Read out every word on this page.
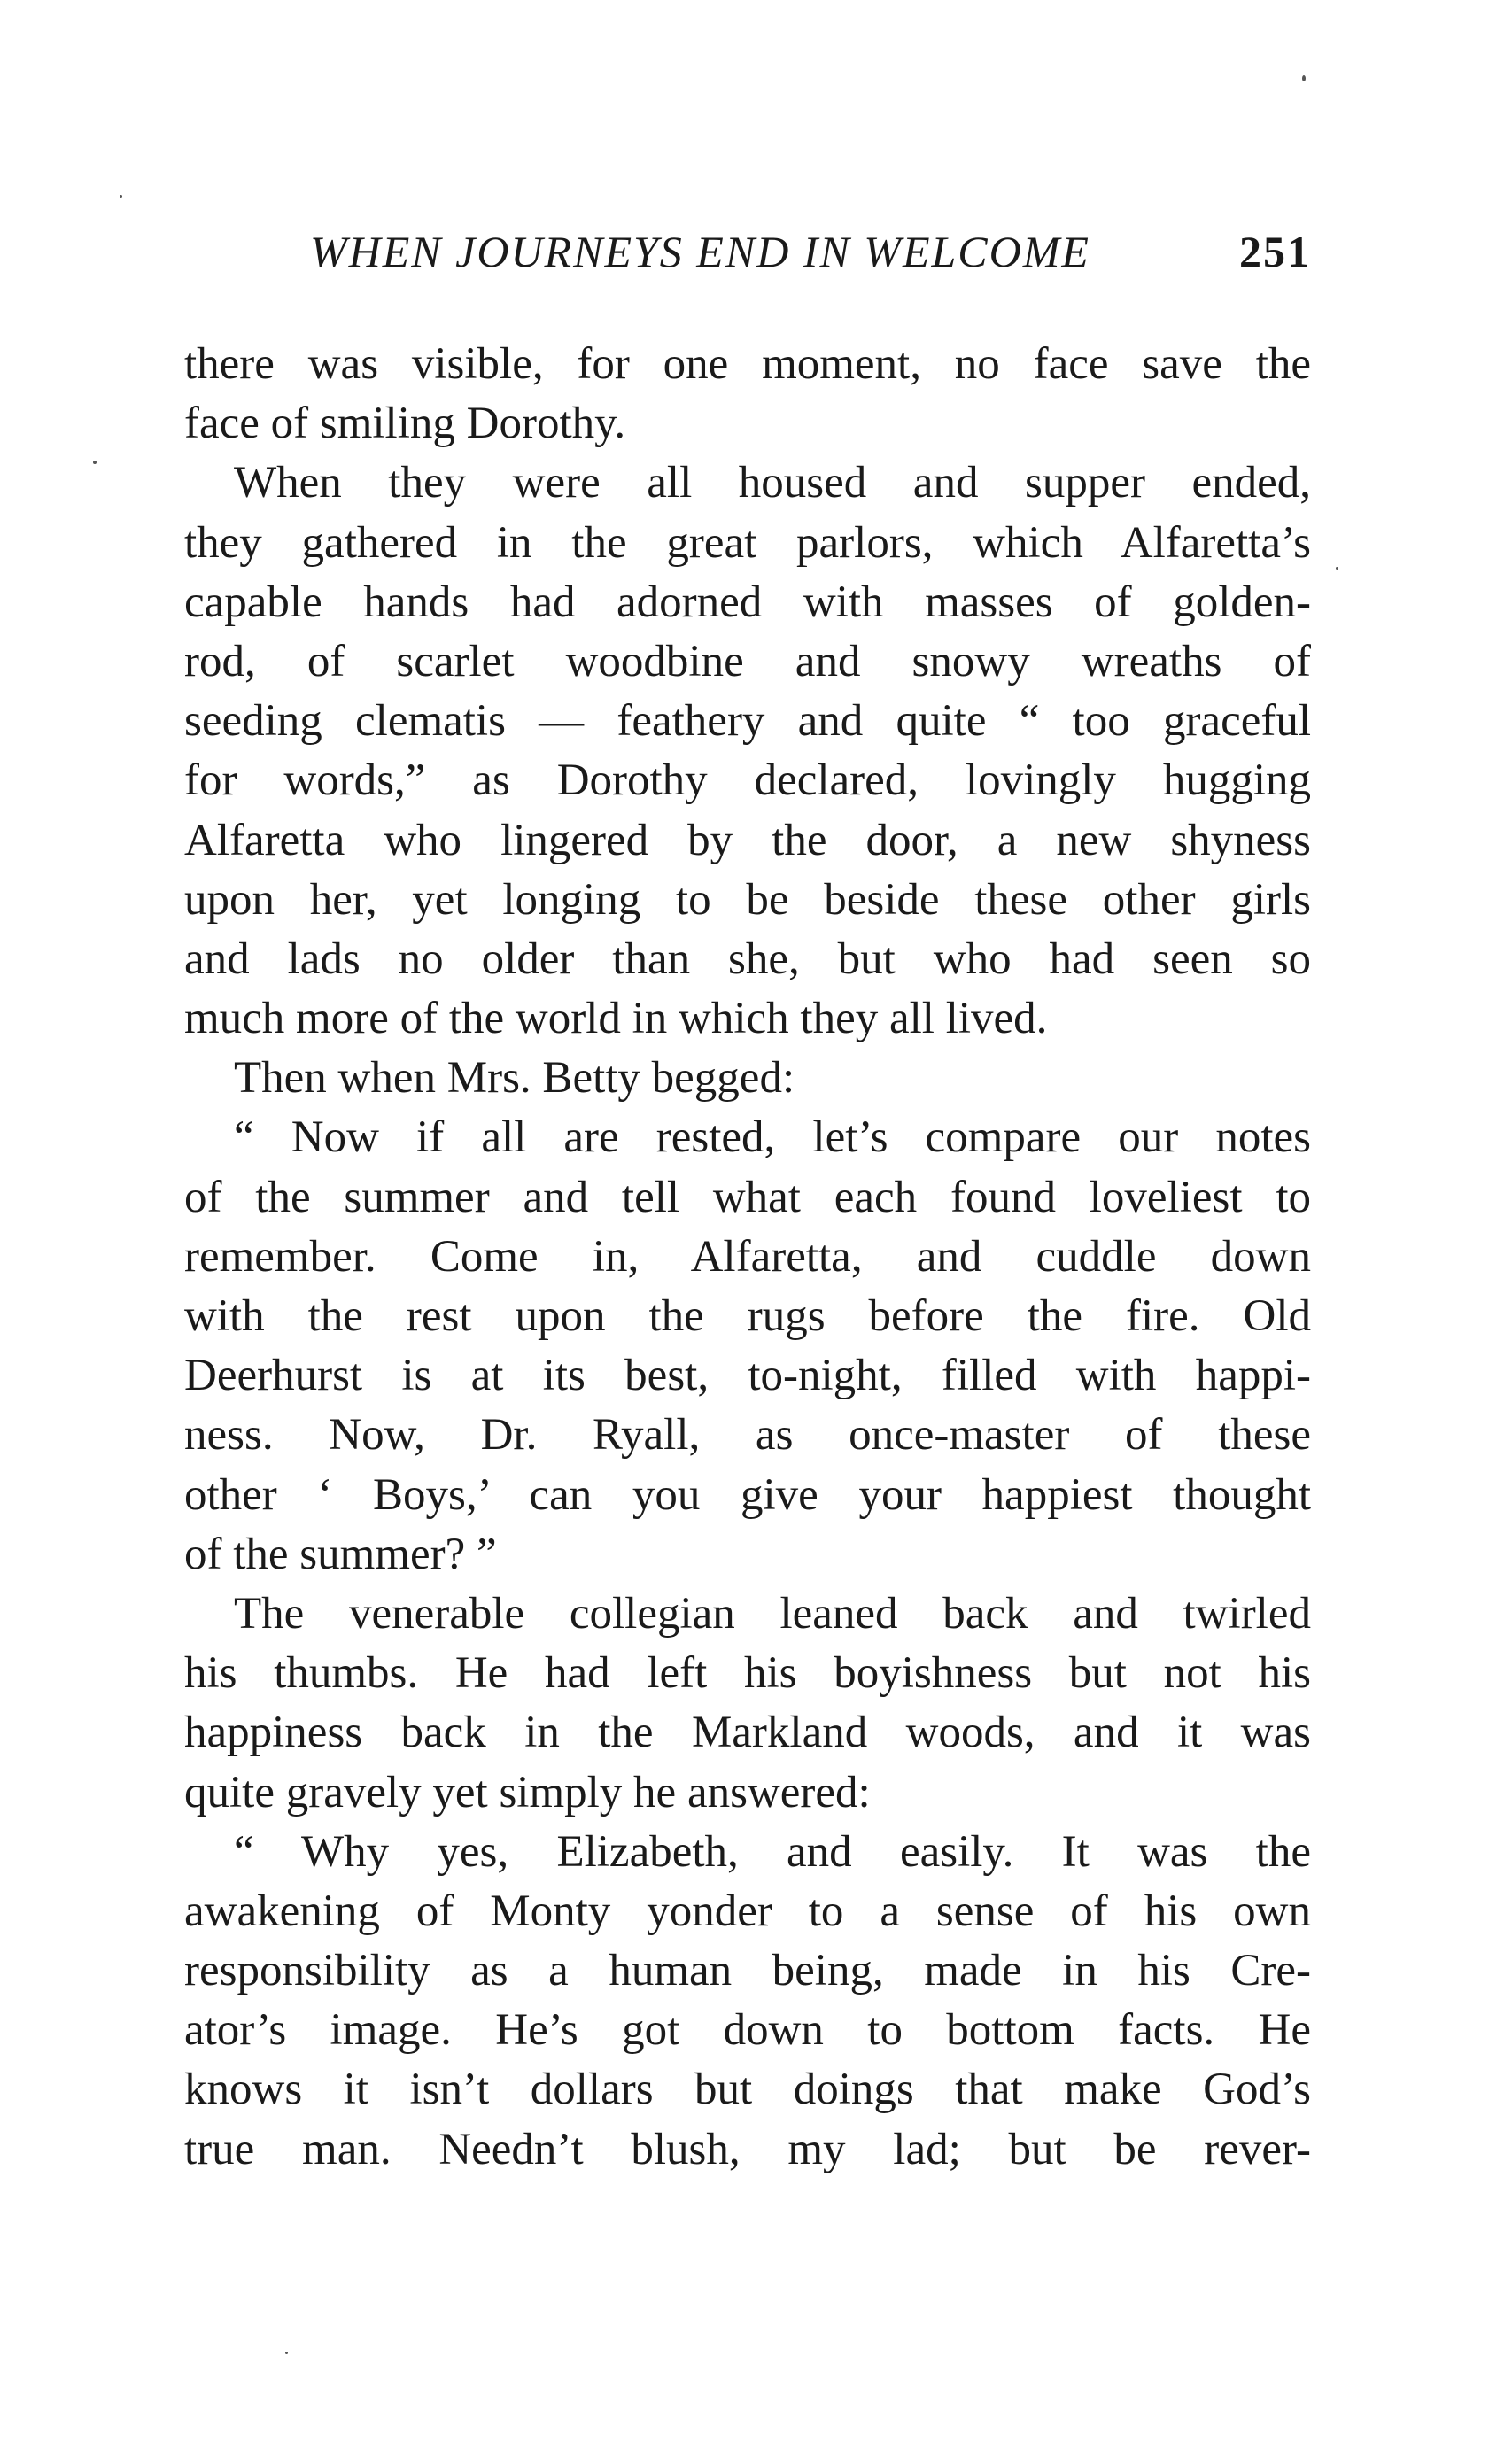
WHEN JOURNEYS END IN WELCOME	251
there was visible, for one moment, no face save the
face of smiling Dorothy.
When they were all housed and supper ended,
they gathered in the great parlors, which Alfaretta’s
capable hands had adorned with masses of golden-
rod, of scarlet woodbine and snowy wreaths of
seeding clematis — feathery and quite “ too graceful
for words,” as Dorothy declared, lovingly hugging
Alfaretta who lingered by the door, a new shyness
upon her, yet longing to be beside these other girls
and lads no older than she, but who had seen so
much more of the world in which they all lived.
Then when Mrs. Betty begged:
“ Now if all are rested, let’s compare our notes
of the summer and tell what each found loveliest to
remember. Come in, Alfaretta, and cuddle down
with the rest upon the rugs before the fire. Old
Deerhurst is at its best, to-night, filled with happi-
ness. Now, Dr. Ryall, as once-master of these
other ‘ Boys,’ can you give your happiest thought
of the summer? ”
The venerable collegian leaned back and twirled
his thumbs. He had left his boyishness but not his
happiness back in the Markland woods, and it was
quite gravely yet simply he answered:
“ Why yes, Elizabeth, and easily. It was the
awakening of Monty yonder to a sense of his own
responsibility as a human being, made in his Cre-
ator’s image. He’s got down to bottom facts. He
knows it isn’t dollars but doings that make God’s
true man. Needn’t blush, my lad; but be rever-
